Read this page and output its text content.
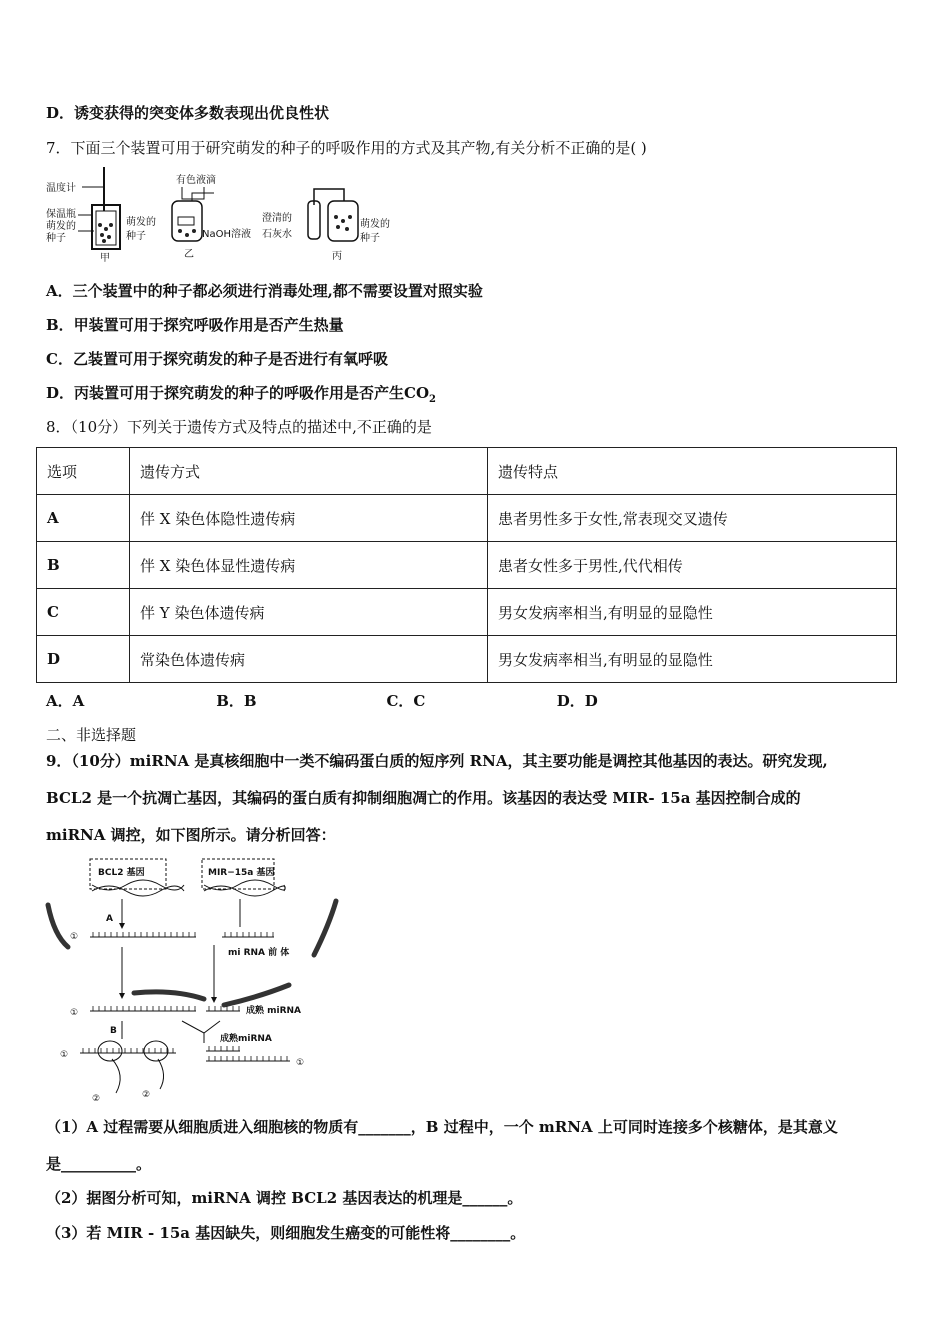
D．诱变获得的突变体多数表现出优良性状
7．下面三个装置可用于研究萌发的种子的呼吸作用的方式及其产物,有关分析不正确的是( )
温度计
保温瓶
萌发的
种子
甲
有色液滴
萌发的
种子	NaOH溶液
乙
澄清的
石灰水
萌发的
种子
丙
A．三个装置中的种子都必须进行消毒处理,都不需要设置对照实验
B．甲装置可用于探究呼吸作用是否产生热量
C．乙装置可用于探究萌发的种子是否进行有氧呼吸
D．丙装置可用于探究萌发的种子的呼吸作用是否产生$CO_2$
8．（10分）下列关于遗传方式及特点的描述中,不正确的是
选项	遗传方式	遗传特点
A	伴 X 染色体隐性遗传病	患者男性多于女性,常表现交叉遗传
B	伴 X 染色体显性遗传病	患者女性多于男性,代代相传
C	伴 Y 染色体遗传病	男女发病率相当,有明显的显隐性
D	常染色体遗传病	男女发病率相当,有明显的显隐性
A．A	B．B	C．C	D．D
二、非选择题
9．（10分）miRNA 是真核细胞中一类不编码蛋白质的短序列 RNA，其主要功能是调控其他基因的表达。研究发现,
BCL2 是一个抗凋亡基因，其编码的蛋白质有抑制细胞凋亡的作用。该基因的表达受 MIR- 15a 基因控制合成的
miRNA 调控，如下图所示。请分析回答：
BCL2 基因	MIR−15a 基因
①
A
mi RNA 前 体
①	成熟 miRNA
B
成熟miRNA
①
②	②
①
（1）A 过程需要从细胞质进入细胞核的物质有_______，B 过程中，一个 mRNA 上可同时连接多个核糖体，是其意义
是__________。
（2）据图分析可知，miRNA 调控 BCL2 基因表达的机理是______。
（3）若 MIR - 15a 基因缺失，则细胞发生癌变的可能性将________。
